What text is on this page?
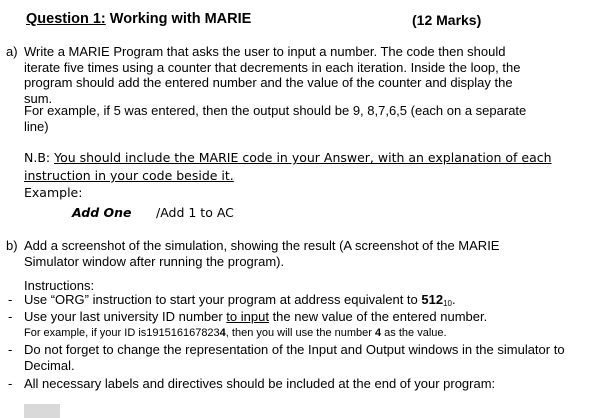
Question 1: Working with MARIE	(12 Marks)
a) Write a MARIE Program that asks the user to input a number. The code then should iterate five times using a counter that decrements in each iteration. Inside the loop, the program should add the entered number and the value of the counter and display the sum.
For example, if 5 was entered, then the output should be 9, 8,7,6,5 (each on a separate line)
N.B: You should include the MARIE code in your Answer, with an explanation of each instruction in your code beside it.
Example:
Add One /Add 1 to AC
b) Add a screenshot of the simulation, showing the result (A screenshot of the MARIE Simulator window after running the program).
Instructions:
- Use “ORG” instruction to start your program at address equivalent to $512_{10}$.
- Use your last university ID number to input the new value of the entered number.
For example, if your ID is1915161678234, then you will use the number 4 as the value.
- Do not forget to change the representation of the Input and Output windows in the simulator to Decimal.
- All necessary labels and directives should be included at the end of your program:
